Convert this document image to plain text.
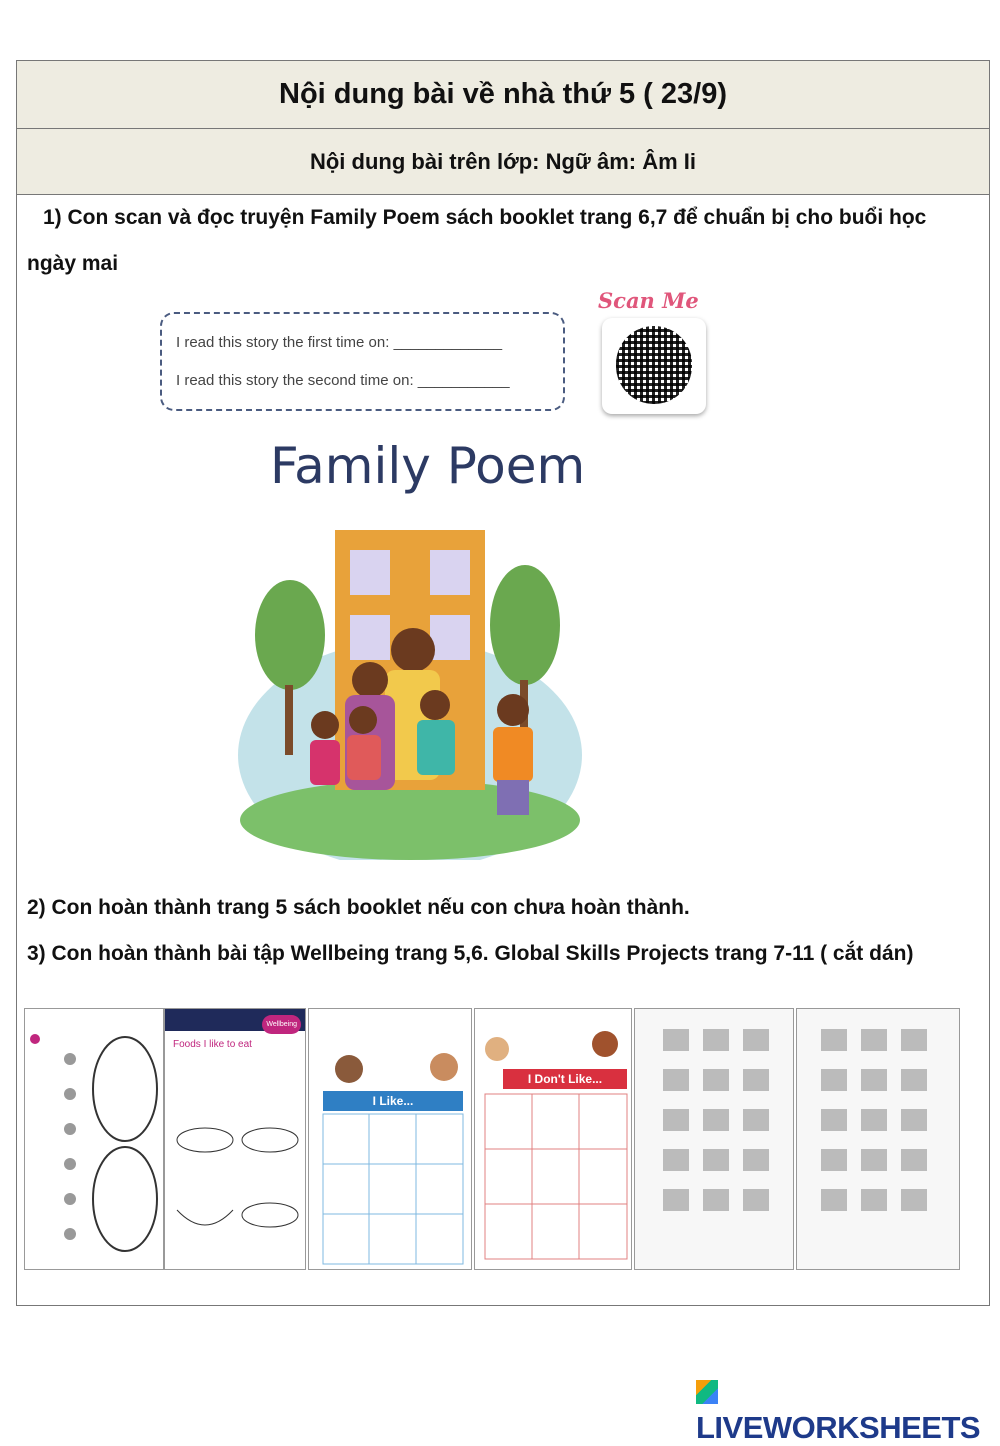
Nội dung bài về nhà thứ 5 ( 23/9)
Nội dung bài trên lớp: Ngữ âm: Âm Ii
1) Con scan và đọc truyện Family Poem sách booklet trang 6,7 để chuẩn bị cho buổi học ngày mai
2) Con hoàn thành trang 5 sách booklet nếu con chưa hoàn thành.
3) Con hoàn thành bài tập Wellbeing trang 5,6. Global Skills Projects trang 7-11 ( cắt dán)
I read this story the first time on: _____________
I read this story the second time on: ___________
Scan Me
Family Poem
Wellbeing
Foods I like to eat
I Like...
I Don't Like...
LIVEWORKSHEETS
